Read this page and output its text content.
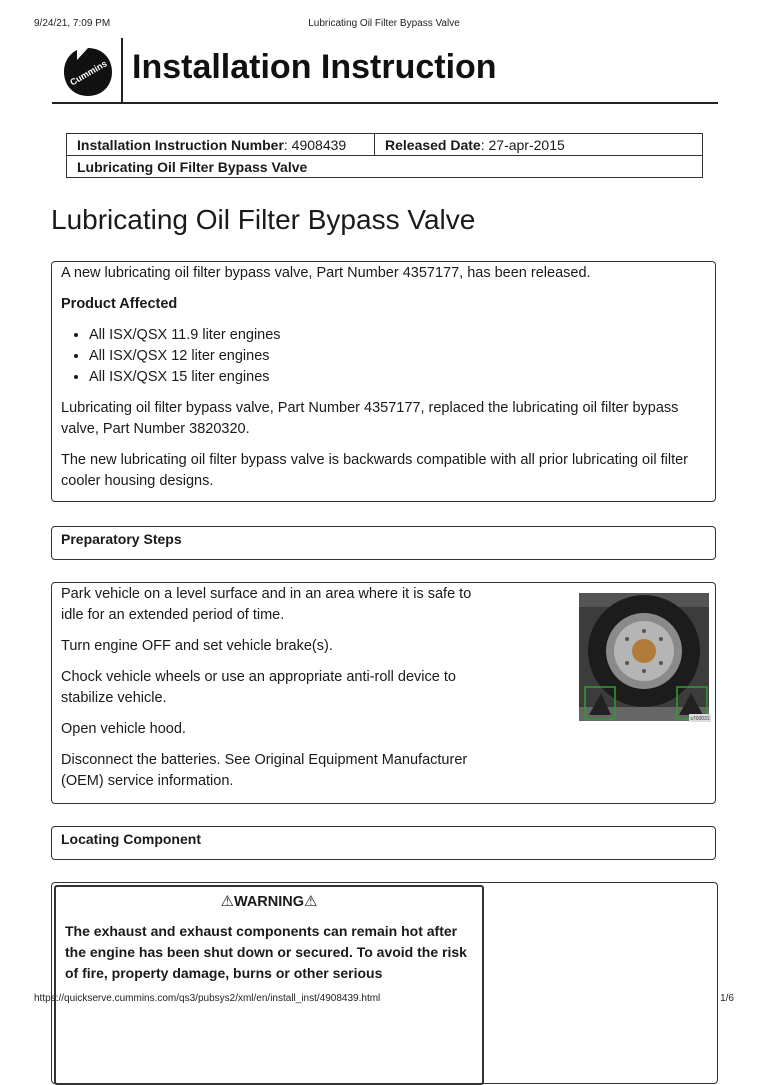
9/24/21, 7:09 PM	Lubricating Oil Filter Bypass Valve
Cummins Installation Instruction
Installation Instruction Number: 4908439	Released Date: 27-apr-2015
Lubricating Oil Filter Bypass Valve
Lubricating Oil Filter Bypass Valve

A new lubricating oil filter bypass valve, Part Number 4357177, has been released.

Product Affected

• All ISX/QSX 11.9 liter engines
• All ISX/QSX 12 liter engines
• All ISX/QSX 15 liter engines

Lubricating oil filter bypass valve, Part Number 4357177, replaced the lubricating oil filter bypass valve, Part Number 3820320.

The new lubricating oil filter bypass valve is backwards compatible with all prior lubricating oil filter cooler housing designs.

Preparatory Steps

Park vehicle on a level surface and in an area where it is safe to idle for an extended period of time.

Turn engine OFF and set vehicle brake(s).

Chock vehicle wheels or use an appropriate anti-roll device to stabilize vehicle.

Open vehicle hood.

Disconnect the batteries. See Original Equipment Manufacturer (OEM) service information.

s700031
Locating Component
⚠WARNING⚠
The exhaust and exhaust components can remain hot after the engine has been shut down or secured. To avoid the risk of fire, property damage, burns or other serious
https://quickserve.cummins.com/qs3/pubsys2/xml/en/install_inst/4908439.html	1/6
